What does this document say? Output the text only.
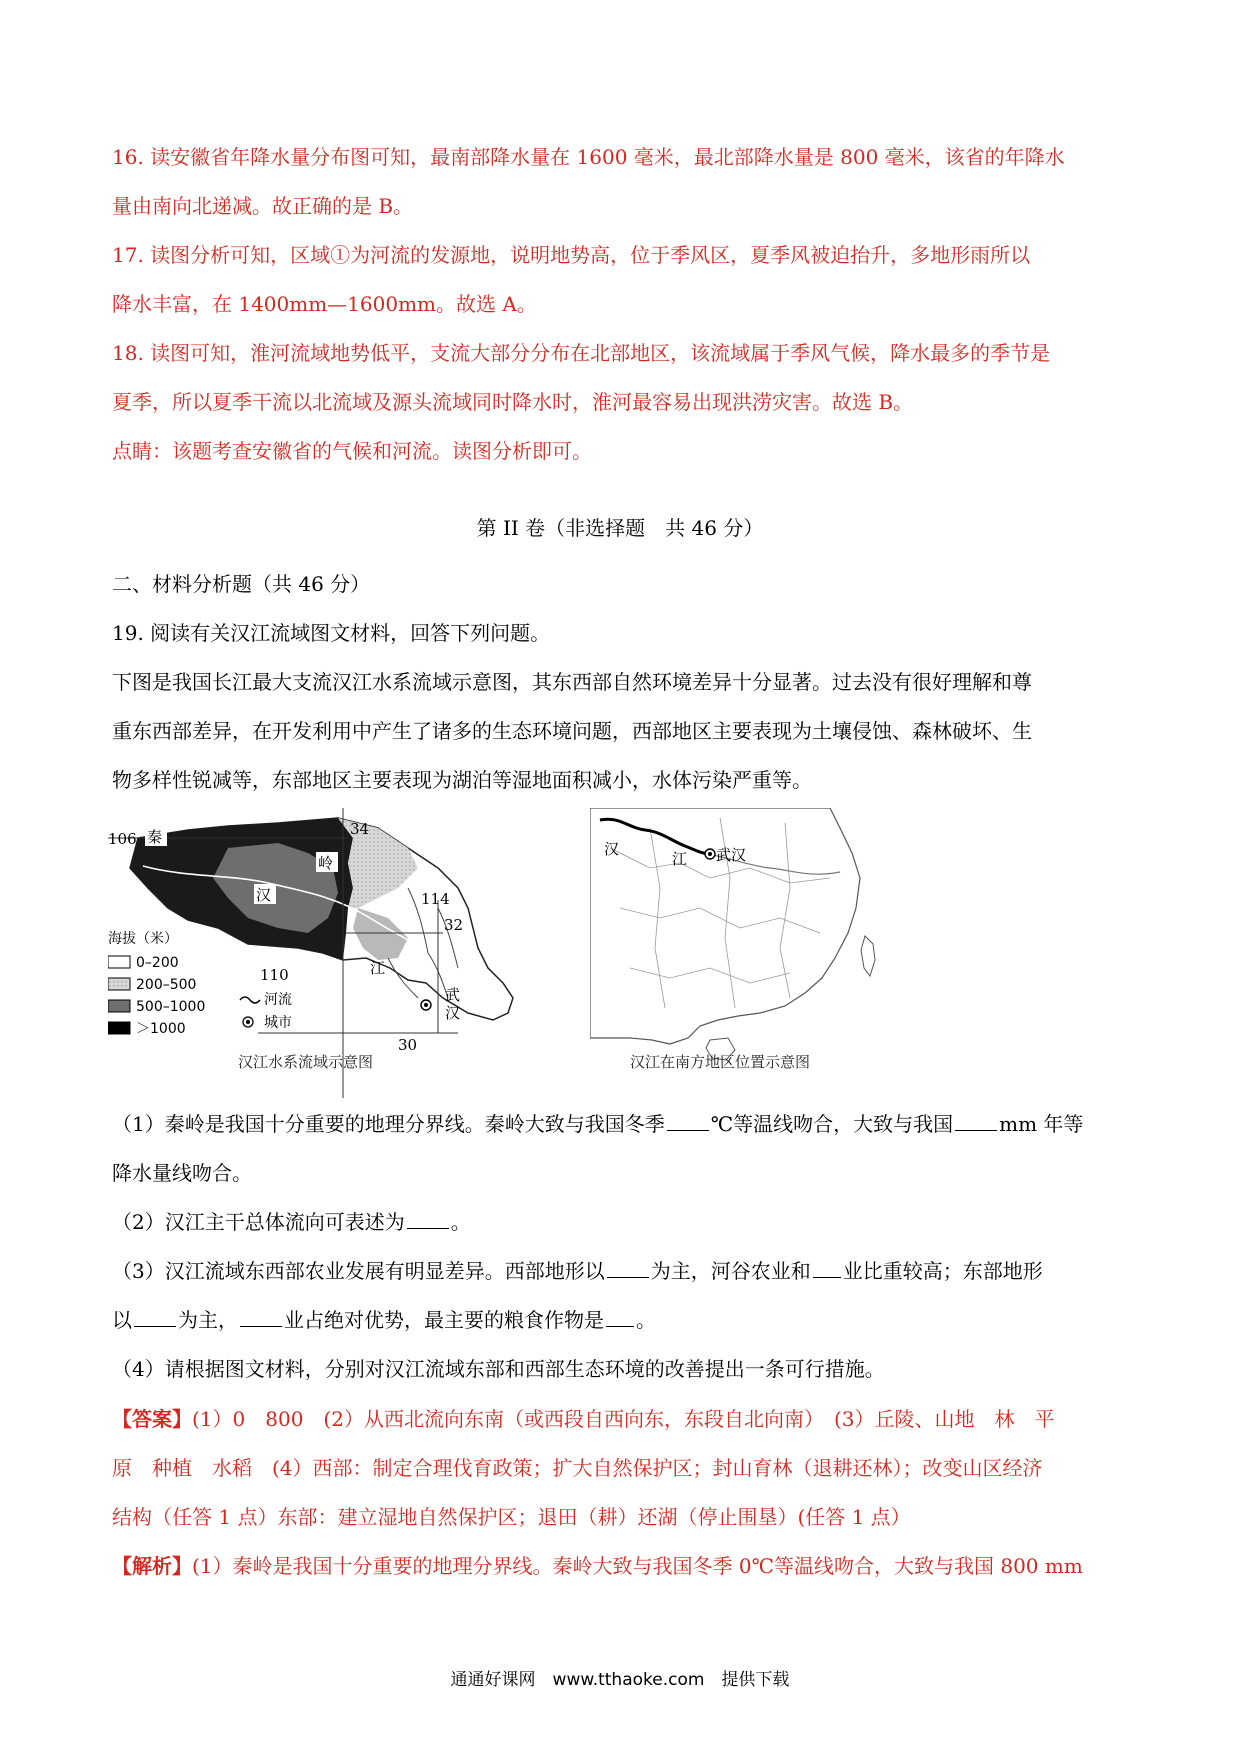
16. 读安徽省年降水量分布图可知，最南部降水量在 1600 毫米，最北部降水量是 800 毫米，该省的年降水
量由南向北递减。故正确的是 B。
17. 读图分析可知，区域①为河流的发源地，说明地势高，位于季风区，夏季风被迫抬升，多地形雨所以
降水丰富，在 1400mm—1600mm。故选 A。
18. 读图可知，淮河流域地势低平，支流大部分分布在北部地区，该流域属于季风气候，降水最多的季节是
夏季，所以夏季干流以北流域及源头流域同时降水时，淮河最容易出现洪涝灾害。故选 B。
点睛：该题考查安徽省的气候和河流。读图分析即可。
第 II 卷（非选择题　共 46 分）
二、材料分析题（共 46 分）
19. 阅读有关汉江流域图文材料，回答下列问题。
下图是我国长江最大支流汉江水系流域示意图，其东西部自然环境差异十分显著。过去没有很好理解和尊
重东西部差异，在开发利用中产生了诸多的生态环境问题，西部地区主要表现为土壤侵蚀、森林破坏、生
物多样性锐减等，东部地区主要表现为湖泊等湿地面积减小，水体污染严重等。
106
34
114
32
110
30
秦
岭
汉
江
武
汉
海拔（米）
0–200
200–500
500–1000
＞1000
河流
城市
汉江水系流域示意图
汉
江 武汉
汉江在南方地区位置示意图
（1）秦岭是我国十分重要的地理分界线。秦岭大致与我国冬季 ℃等温线吻合，大致与我国 mm 年等
降水量线吻合。
（2）汉江主干总体流向可表述为 。
（3）汉江流域东西部农业发展有明显差异。西部地形以 为主，河谷农业和 业比重较高；东部地形
以 为主， 业占绝对优势，最主要的粮食作物是 。
（4）请根据图文材料，分别对汉江流域东部和西部生态环境的改善提出一条可行措施。
【答案】(1）0　800　(2）从西北流向东南（或西段自西向东，东段自北向南）　(3）丘陵、山地　林　平
原　种植　水稻　(4）西部：制定合理伐育政策；扩大自然保护区；封山育林（退耕还林）；改变山区经济
结构（任答 1 点）东部：建立湿地自然保护区；退田（耕）还湖（停止围垦）(任答 1 点）
【解析】(1）秦岭是我国十分重要的地理分界线。秦岭大致与我国冬季 0℃等温线吻合，大致与我国 800 mm
通通好课网　www.tthaoke.com　提供下载
